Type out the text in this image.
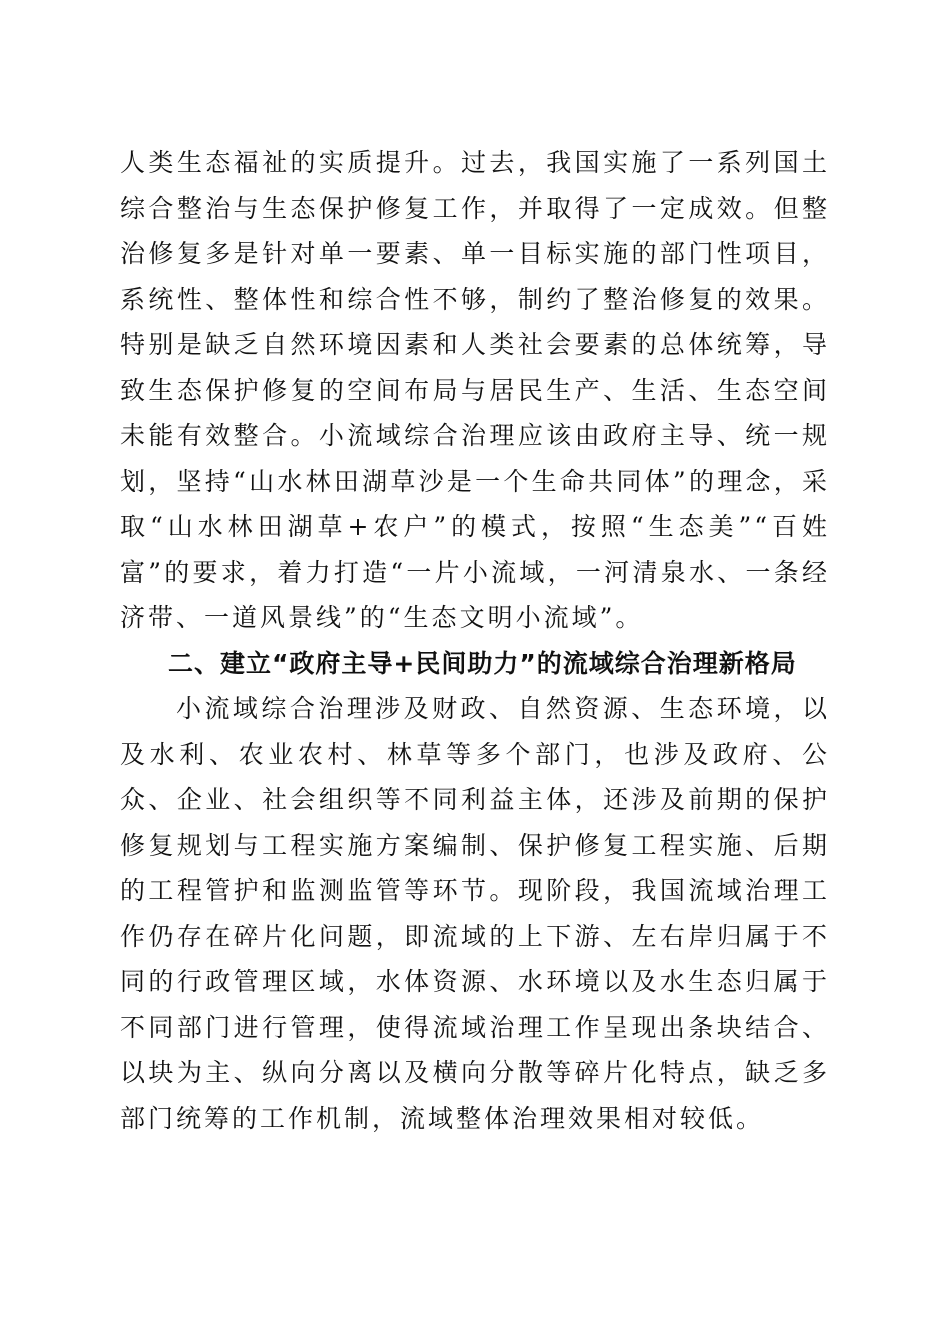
人类生态福祉的实质提升。过去，我国实施了一系列国土综合整治与生态保护修复工作，并取得了一定成效。但整治修复多是针对单一要素、单一目标实施的部门性项目，系统性、整体性和综合性不够，制约了整治修复的效果。特别是缺乏自然环境因素和人类社会要素的总体统筹，导致生态保护修复的空间布局与居民生产、生活、生态空间未能有效整合。小流域综合治理应该由政府主导、统一规划，坚持“山水林田湖草沙是一个生命共同体”的理念，采取“山水林田湖草+农户”的模式，按照“生态美”“百姓富”的要求，着力打造“一片小流域，一河清泉水、一条经济带、一道风景线”的“生态文明小流域”。

二、建立“政府主导+民间助力”的流域综合治理新格局

小流域综合治理涉及财政、自然资源、生态环境，以及水利、农业农村、林草等多个部门，也涉及政府、公众、企业、社会组织等不同利益主体，还涉及前期的保护修复规划与工程实施方案编制、保护修复工程实施、后期的工程管护和监测监管等环节。现阶段，我国流域治理工作仍存在碎片化问题，即流域的上下游、左右岸归属于不同的行政管理区域，水体资源、水环境以及水生态归属于不同部门进行管理，使得流域治理工作呈现出条块结合、以块为主、纵向分离以及横向分散等碎片化特点，缺乏多部门统筹的工作机制，流域整体治理效果相对较低。
